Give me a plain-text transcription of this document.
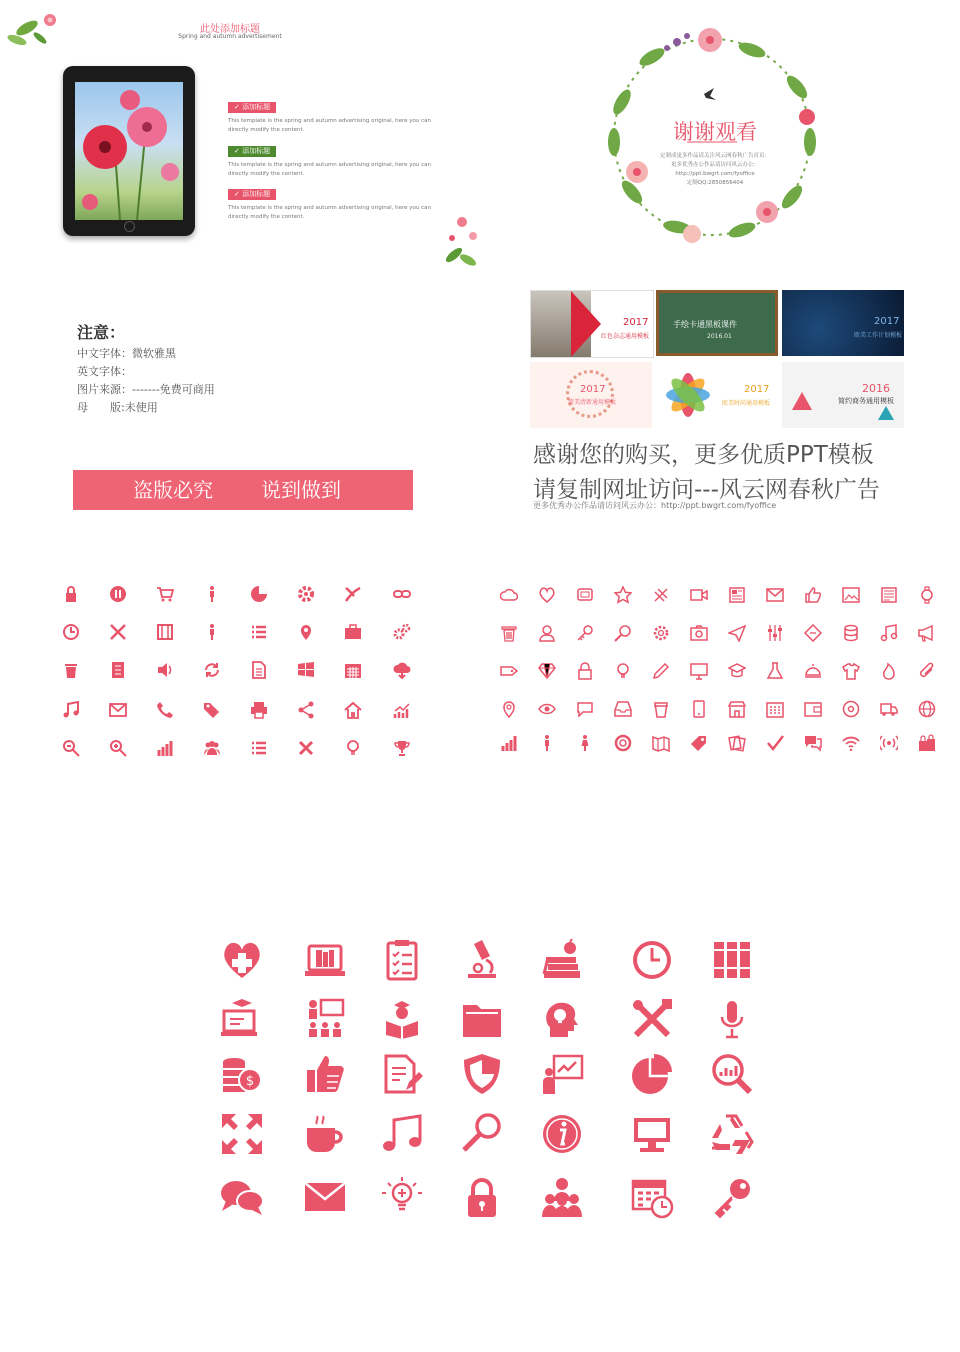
此处添加标题
Spring and autumn advertisement
✓ 添加标题
This template is the spring and autumn advertising original, here you can directly modify the content.
✓ 添加标题
This template is the spring and autumn advertising original, here you can directly modify the content.
✓ 添加标题
This template is the spring and autumn advertising original, here you can directly modify the content.
谢谢观看
定制成更多作品请关注风云网春秋广告首页：
更多优秀办公作品请访问风云办公：http://ppt.bwgrt.com/fyoffice
定制QQ:2850856404
注意：
中文字体：微软雅黑
英文字体：
图片来源：-------免费可商用
母　　版:未使用
盗版必究 说到做到
2017
红色杂志通用模板
手绘卡通黑板课件
2016.01
2017
欧美工作计划模板
2017
简美清新通用模板
2017
欧美时尚通用模板
2016
简约商务通用模板
感谢您的购买，更多优质PPT模板
请复制网址访问---风云网春秋广告
更多优秀办公作品请访问风云办公：http://ppt.bwgrt.com/fyoffice
$
